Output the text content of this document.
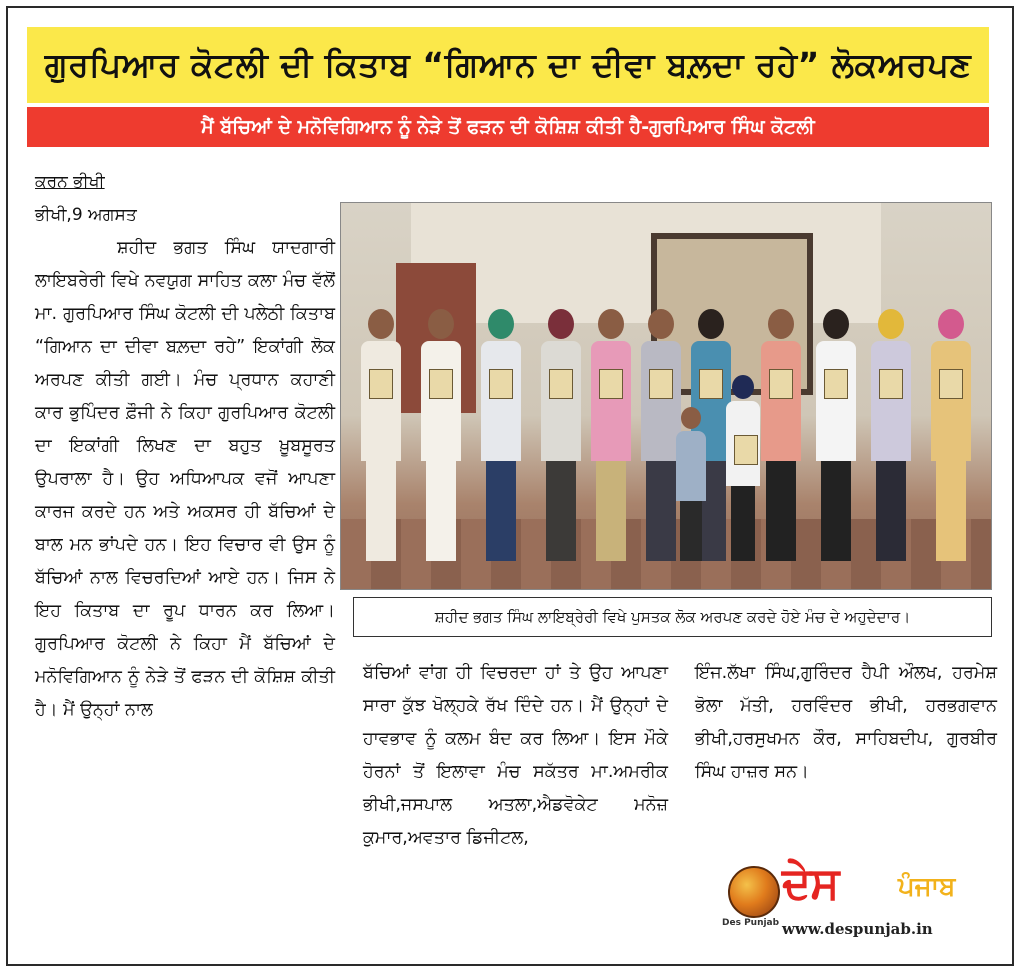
ਗੁਰਪਿਆਰ ਕੋਟਲੀ ਦੀ ਕਿਤਾਬ “ਗਿਆਨ ਦਾ ਦੀਵਾ ਬਲ਼ਦਾ ਰਹੇ” ਲੋਕਅਰਪਣ
ਮੈਂ ਬੱਚਿਆਂ ਦੇ ਮਨੋਵਿਗਿਆਨ ਨੂੰ ਨੇੜੇ ਤੋਂ ਫੜਨ ਦੀ ਕੋਸ਼ਿਸ਼ ਕੀਤੀ ਹੈ-ਗੁਰਪਿਆਰ ਸਿੰਘ ਕੋਟਲੀ
ਕਰਨ ਭੀਖੀ
ਭੀਖੀ,9 ਅਗਸਤ
ਸ਼ਹੀਦ ਭਗਤ ਸਿੰਘ ਯਾਦਗਾਰੀ ਲਾਇਬਰੇਰੀ ਵਿਖੇ ਨਵਯੁਗ ਸਾਹਿਤ ਕਲਾ ਮੰਚ ਵੱਲੋਂ ਮਾ. ਗੁਰਪਿਆਰ ਸਿੰਘ ਕੋਟਲੀ ਦੀ ਪਲੇਠੀ ਕਿਤਾਬ “ਗਿਆਨ ਦਾ ਦੀਵਾ ਬਲ਼ਦਾ ਰਹੇ” ਇਕਾਂਗੀ ਲੋਕ ਅਰਪਣ ਕੀਤੀ ਗਈ। ਮੰਚ ਪ੍ਰਧਾਨ ਕਹਾਣੀ ਕਾਰ ਭੁਪਿੰਦਰ ਫ਼ੌਜੀ ਨੇ ਕਿਹਾ ਗੁਰਪਿਆਰ ਕੋਟਲੀ ਦਾ ਇਕਾਂਗੀ ਲਿਖਣ ਦਾ ਬਹੁਤ ਖ਼ੂਬਸੂਰਤ ਉਪਰਾਲਾ ਹੈ। ਉਹ ਅਧਿਆਪਕ ਵਜੋਂ ਆਪਣਾ ਕਾਰਜ ਕਰਦੇ ਹਨ ਅਤੇ ਅਕਸਰ ਹੀ ਬੱਚਿਆਂ ਦੇ ਬਾਲ ਮਨ ਭਾਂਪਦੇ ਹਨ। ਇਹ ਵਿਚਾਰ ਵੀ ਉਸ ਨੂੰ ਬੱਚਿਆਂ ਨਾਲ ਵਿਚਰਦਿਆਂ ਆਏ ਹਨ। ਜਿਸ ਨੇ ਇਹ ਕਿਤਾਬ ਦਾ ਰੂਪ ਧਾਰਨ ਕਰ ਲਿਆ। ਗੁਰਪਿਆਰ ਕੋਟਲੀ ਨੇ ਕਿਹਾ ਮੈਂ ਬੱਚਿਆਂ ਦੇ ਮਨੋਵਿਗਿਆਨ ਨੂੰ ਨੇੜੇ ਤੋਂ ਫੜਨ ਦੀ ਕੋਸ਼ਿਸ਼ ਕੀਤੀ ਹੈ। ਮੈਂ ਉਨ੍ਹਾਂ ਨਾਲ
ਸ਼ਹੀਦ ਭਗਤ ਸਿੰਘ ਲਾਇਬ੍ਰੇਰੀ ਵਿਖੇ ਪੁਸਤਕ ਲੋਕ ਅਰਪਣ ਕਰਦੇ ਹੋਏ ਮੰਚ ਦੇ ਅਹੁਦੇਦਾਰ।
ਬੱਚਿਆਂ ਵਾਂਗ ਹੀ ਵਿਚਰਦਾ ਹਾਂ ਤੇ ਉਹ ਆਪਣਾ ਸਾਰਾ ਕੁੱਝ ਖੋਲ੍ਹਕੇ ਰੱਖ ਦਿੰਦੇ ਹਨ। ਮੈਂ ਉਨ੍ਹਾਂ ਦੇ ਹਾਵਭਾਵ ਨੂੰ ਕਲਮ ਬੰਦ ਕਰ ਲਿਆ। ਇਸ ਮੌਕੇ ਹੋਰਨਾਂ ਤੋਂ ਇਲਾਵਾ ਮੰਚ ਸਕੱਤਰ ਮਾ.ਅਮਰੀਕ ਭੀਖੀ,ਜਸਪਾਲ ਅਤਲਾ,ਐਡਵੋਕੇਟ ਮਨੋਜ਼ ਕੁਮਾਰ,ਅਵਤਾਰ ਡਿਜੀਟਲ,
ਇੰਜ.ਲੱਖਾ ਸਿੰਘ,ਗੁਰਿੰਦਰ ਹੈਪੀ ਔਲਖ, ਹਰਮੇਸ਼ ਭੋਲਾ ਮੱਤੀ, ਹਰਵਿੰਦਰ ਭੀਖੀ, ਹਰਭਗਵਾਨ ਭੀਖੀ,ਹਰਸੁਖਮਨ ਕੌਰ, ਸਾਹਿਬਦੀਪ, ਗੁਰਬੀਰ ਸਿੰਘ ਹਾਜ਼ਰ ਸਨ।
Des Punjab
ਦੇਸ ਪੰਜਾਬ
www.despunjab.in
